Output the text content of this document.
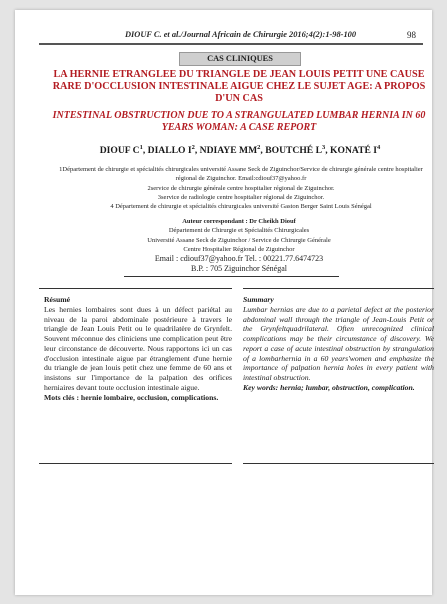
DIOUF C. et al./Journal Africain de Chirurgie 2016;4(2):1-98-100	98
CAS CLINIQUES
LA HERNIE ETRANGLEE DU TRIANGLE DE JEAN LOUIS PETIT UNE CAUSE RARE D'OCCLUSION INTESTINALE AIGUE CHEZ LE SUJET AGE: A PROPOS D'UN CAS
INTESTINAL OBSTRUCTION DUE TO A STRANGULATED LUMBAR HERNIA IN 60 YEARS WOMAN: A CASE REPORT
DIOUF $C^1$, DIALLO $I^2$, NDIAYE $MM^2$, BOUTCHÉ $L^3$, KONATÉ $I^4$
1Département de chirurgie et spécialités chirurgicales université Assane Seck de Ziguinchor/Service de chirurgie générale centre hospitalier régional de Ziguinchor. Email:cdiouf37@yahoo.fr
2service de chirurgie générale centre hospitalier régional de Ziguinchor.
3service de radiologie centre hospitalier régional de Ziguinchor.
4 Département de chirurgie et spécialités chirurgicales université Gaston Berger Saint Louis Sénégal
Auteur correspondant : Dr Cheikh Diouf
Département de Chirurgie et Spécialités Chirurgicales
Université Assane Seck de Ziguinchor / Service de Chirurgie Générale
Centre Hospitalier Régional de Ziguinchor
Email : cdiouf37@yahoo.fr Tel. : 00221.77.6474723
B.P. : 705 Ziguinchor Sénégal
Résumé
Les hernies lombaires sont dues à un défect pariétal au niveau de la paroi abdominale postérieure à travers le triangle de Jean Louis Petit ou le quadrilatère de Grynfelt. Souvent méconnue des cliniciens une complication peut être leur circonstance de découverte. Nous rapportons ici un cas d'occlusion intestinale aigue par étranglement d'une hernie du triangle de jean louis petit chez une femme de 60 ans et insistons sur l'importance de la palpation des orifices herniaires devant toute occlusion intestinale aigue.
Mots clés : hernie lombaire, occlusion, complications.
Summary
Lumbar hernias are due to a parietal defect at the posterior abdominal wall through the triangle of Jean-Louis Petit or the Grynfeltquadrilateral. Often unrecognized clinical complications may be their circumstance of discovery. We report a case of acute intestinal obstruction by strangulation of a lombarhernia in a 60 years'women and emphasize the importance of palpation hernia holes in every patient with intestinal obstruction.
Key words: hernia; lumbar, obstruction, complication.
